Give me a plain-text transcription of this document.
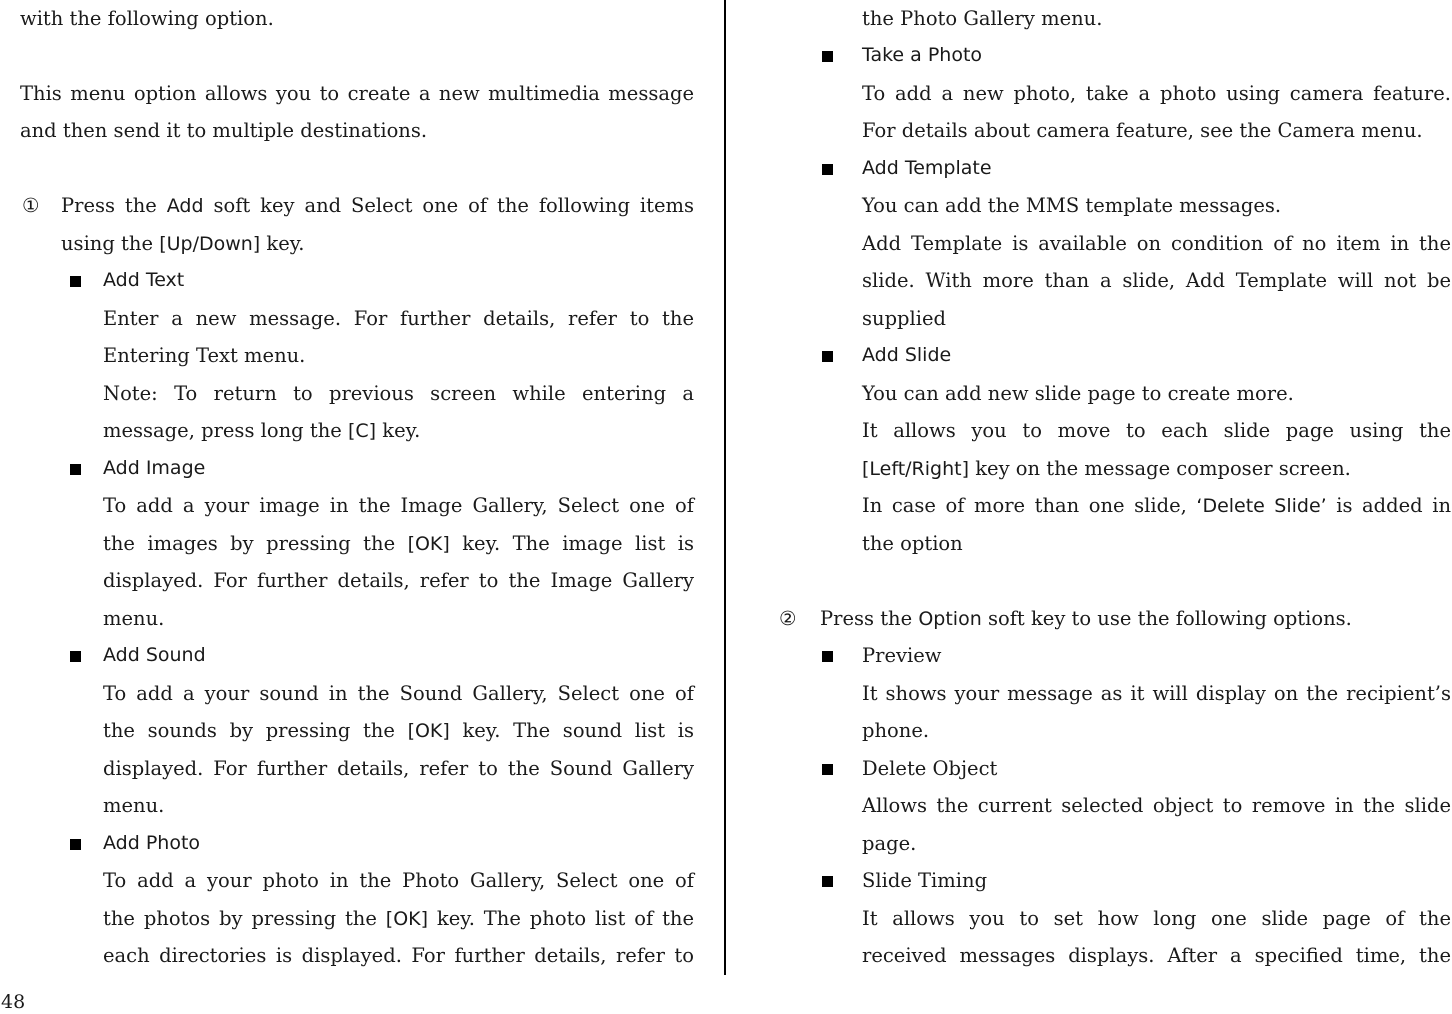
with the following option.
This menu option allows you to create a new multimedia message
and then send it to multiple destinations.
① Press the Add soft key and Select one of the following items
using the [Up/Down] key.
Add Text
Enter a new message. For further details, refer to the
Entering Text menu.
Note: To return to previous screen while entering a
message, press long the [C] key.
Add Image
To add a your image in the Image Gallery, Select one of
the images by pressing the [OK] key. The image list is
displayed. For further details, refer to the Image Gallery
menu.
Add Sound
To add a your sound in the Sound Gallery, Select one of
the sounds by pressing the [OK] key. The sound list is
displayed. For further details, refer to the Sound Gallery
menu.
Add Photo
To add a your photo in the Photo Gallery, Select one of
the photos by pressing the [OK] key. The photo list of the
each directories is displayed. For further details, refer to
the Photo Gallery menu.
Take a Photo
To add a new photo, take a photo using camera feature.
For details about camera feature, see the Camera menu.
Add Template
You can add the MMS template messages.
Add Template is available on condition of no item in the
slide. With more than a slide, Add Template will not be
supplied
Add Slide
You can add new slide page to create more.
It allows you to move to each slide page using the
[Left/Right] key on the message composer screen.
In case of more than one slide, ‘Delete Slide’ is added in
the option
② Press the Option soft key to use the following options.
Preview
It shows your message as it will display on the recipient’s
phone.
Delete Object
Allows the current selected object to remove in the slide
page.
Slide Timing
It allows you to set how long one slide page of the
received messages displays. After a specified time, the
48
